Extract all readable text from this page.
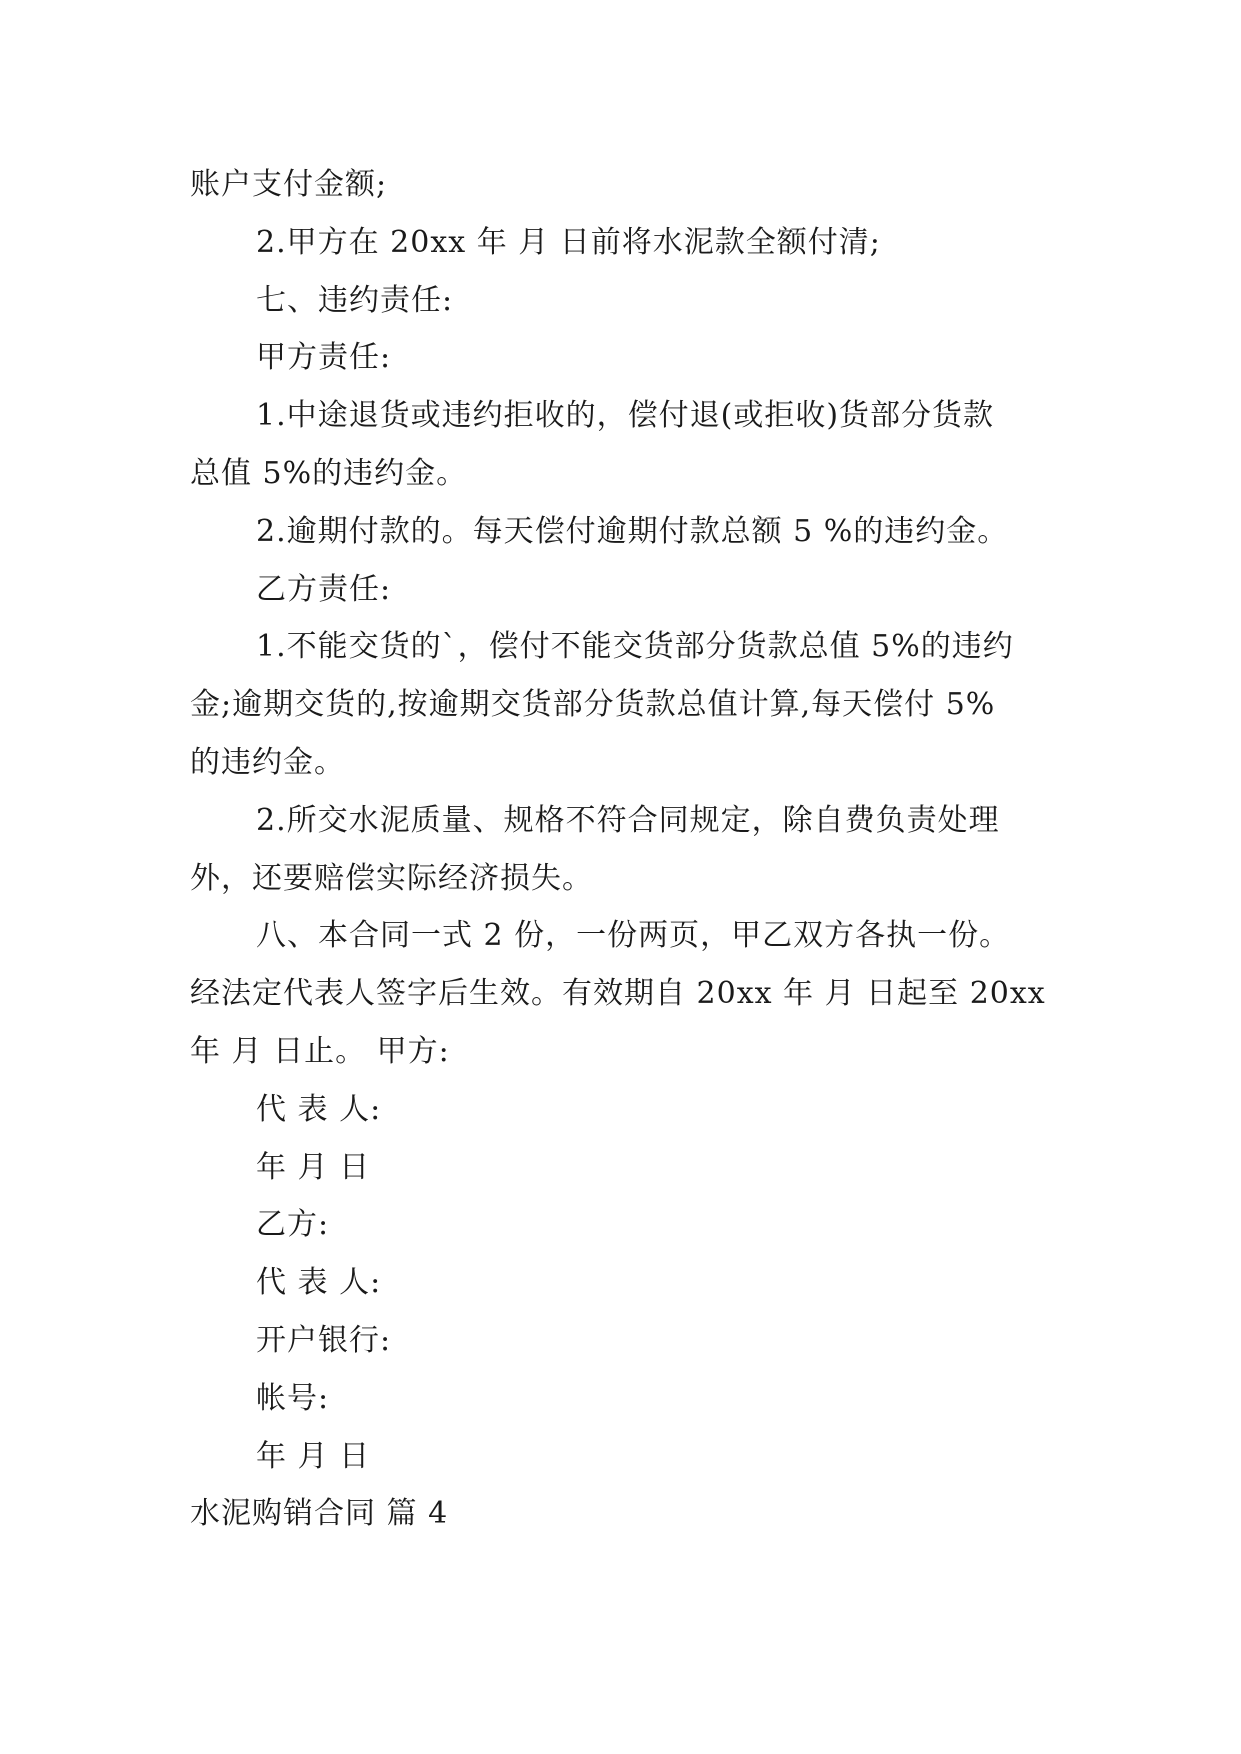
账户支付金额;

2.甲方在 20xx 年 月 日前将水泥款全额付清;

七、违约责任:

甲方责任:

1.中途退货或违约拒收的，偿付退(或拒收)货部分货款

总值 5%的违约金。

2.逾期付款的。每天偿付逾期付款总额 5 %的违约金。

乙方责任:

1.不能交货的`，偿付不能交货部分货款总值 5%的违约

金;逾期交货的,按逾期交货部分货款总值计算,每天偿付 5%

的违约金。

2.所交水泥质量、规格不符合同规定，除自费负责处理

外，还要赔偿实际经济损失。

八、本合同一式 2 份，一份两页，甲乙双方各执一份。

经法定代表人签字后生效。有效期自 20xx 年 月 日起至 20xx

年 月 日止。 甲方:

代 表 人:

年 月 日

乙方:

代 表 人:

开户银行:

帐号:

年 月 日

水泥购销合同 篇 4
